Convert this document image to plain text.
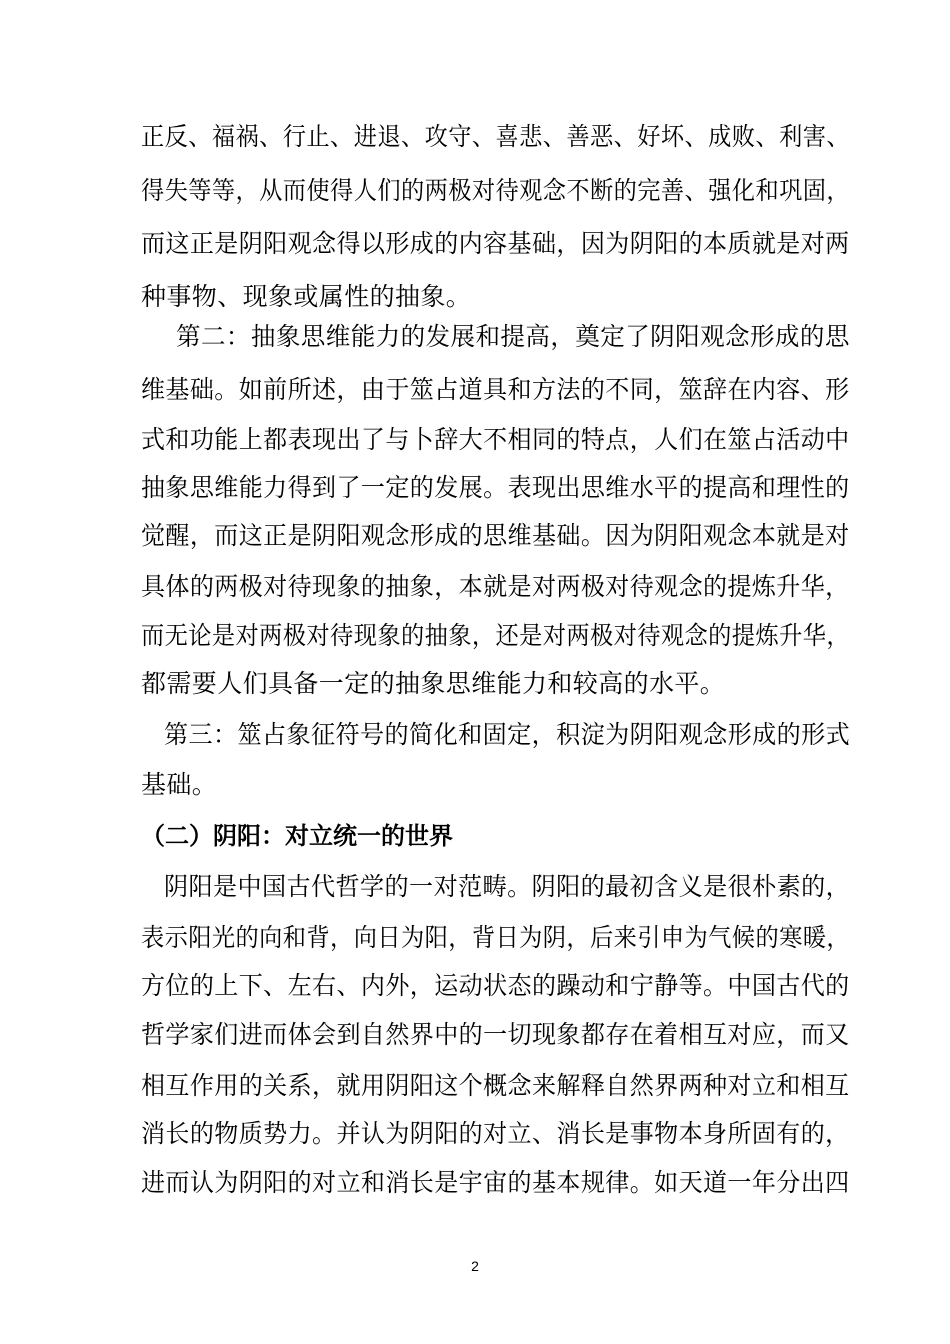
正反、福祸、行止、进退、攻守、喜悲、善恶、好坏、成败、利害、
得失等等，从而使得人们的两极对待观念不断的完善、强化和巩固，
而这正是阴阳观念得以形成的内容基础，因为阴阳的本质就是对两
种事物、现象或属性的抽象。
第二：抽象思维能力的发展和提高，奠定了阴阳观念形成的思
维基础。如前所述，由于筮占道具和方法的不同，筮辞在内容、形
式和功能上都表现出了与卜辞大不相同的特点，人们在筮占活动中
抽象思维能力得到了一定的发展。表现出思维水平的提高和理性的
觉醒，而这正是阴阳观念形成的思维基础。因为阴阳观念本就是对
具体的两极对待现象的抽象，本就是对两极对待观念的提炼升华，
而无论是对两极对待现象的抽象，还是对两极对待观念的提炼升华，
都需要人们具备一定的抽象思维能力和较高的水平。
第三：筮占象征符号的简化和固定，积淀为阴阳观念形成的形式
基础。
（二）阴阳：对立统一的世界
阴阳是中国古代哲学的一对范畴。阴阳的最初含义是很朴素的，
表示阳光的向和背，向日为阳，背日为阴，后来引申为气候的寒暖，
方位的上下、左右、内外，运动状态的躁动和宁静等。中国古代的
哲学家们进而体会到自然界中的一切现象都存在着相互对应，而又
相互作用的关系，就用阴阳这个概念来解释自然界两种对立和相互
消长的物质势力。并认为阴阳的对立、消长是事物本身所固有的，
进而认为阴阳的对立和消长是宇宙的基本规律。如天道一年分出四
2
